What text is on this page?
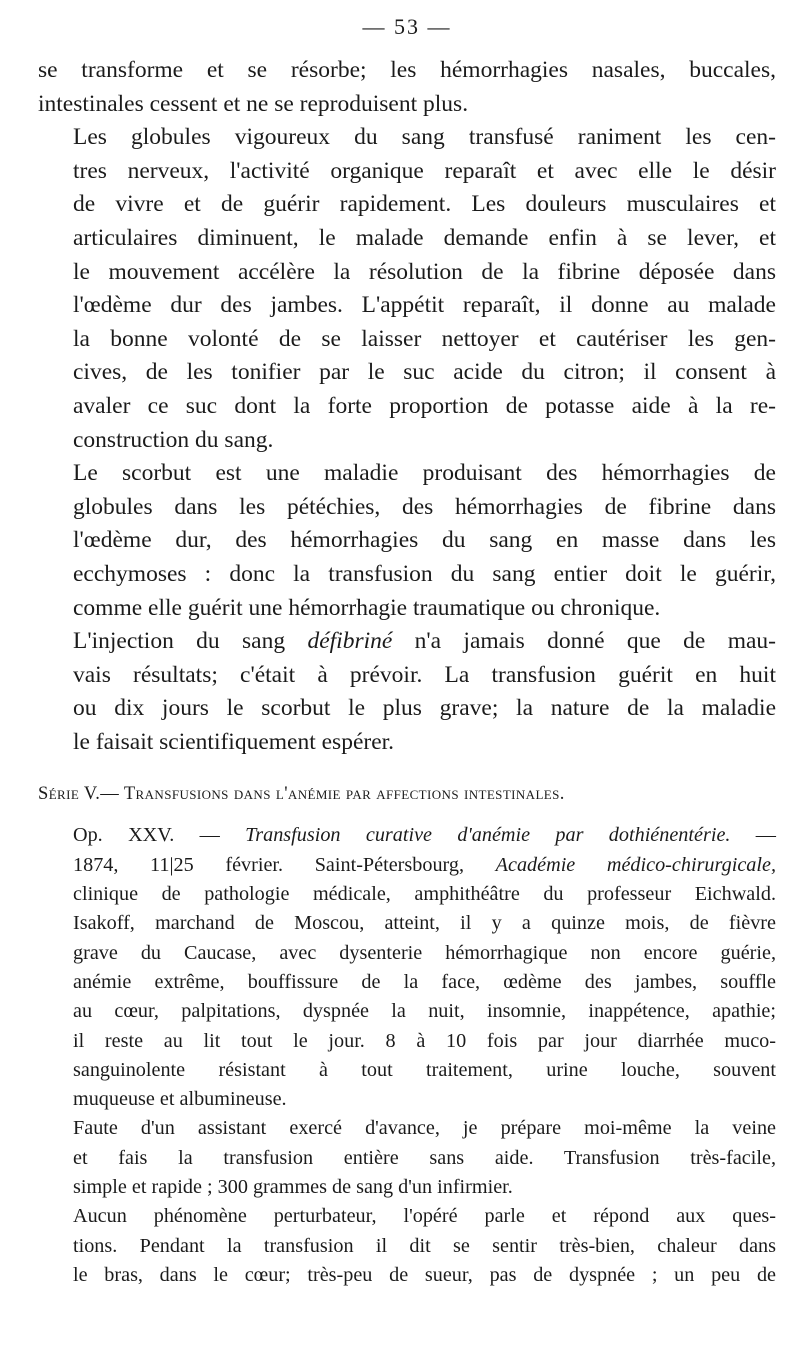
— 53 —

se transforme et se résorbe; les hémorrhagies nasales, buccales,
intestinales cessent et ne se reproduisent plus.

Les globules vigoureux du sang transfusé raniment les cen-
tres nerveux, l'activité organique reparaît et avec elle le désir
de vivre et de guérir rapidement. Les douleurs musculaires et
articulaires diminuent, le malade demande enfin à se lever, et
le mouvement accélère la résolution de la fibrine déposée dans
l'œdème dur des jambes. L'appétit reparaît, il donne au malade
la bonne volonté de se laisser nettoyer et cautériser les gen-
cives, de les tonifier par le suc acide du citron; il consent à
avaler ce suc dont la forte proportion de potasse aide à la re-
construction du sang.

Le scorbut est une maladie produisant des hémorrhagies de
globules dans les pétéchies, des hémorrhagies de fibrine dans
l'œdème dur, des hémorrhagies du sang en masse dans les
ecchymoses : donc la transfusion du sang entier doit le guérir,
comme elle guérit une hémorrhagie traumatique ou chronique.

L'injection du sang défibriné n'a jamais donné que de mau-
vais résultats; c'était à prévoir. La transfusion guérit en huit
ou dix jours le scorbut le plus grave; la nature de la maladie
le faisait scientifiquement espérer.

Série V.— Transfusions dans l'anémie par affections intestinales.

Op. XXV. — Transfusion curative d'anémie par dothiénentérie. —
1874, 11|25 février. Saint-Pétersbourg, Académie médico-chirurgicale,
clinique de pathologie médicale, amphithéâtre du professeur Eichwald.
Isakoff, marchand de Moscou, atteint, il y a quinze mois, de fièvre
grave du Caucase, avec dysenterie hémorrhagique non encore guérie,
anémie extrême, bouffissure de la face, œdème des jambes, souffle
au cœur, palpitations, dyspnée la nuit, insomnie, inappétence, apathie;
il reste au lit tout le jour. 8 à 10 fois par jour diarrhée muco-
sanguinolente résistant à tout traitement, urine louche, souvent
muqueuse et albumineuse.

Faute d'un assistant exercé d'avance, je prépare moi-même la veine
et fais la transfusion entière sans aide. Transfusion très-facile,
simple et rapide ; 300 grammes de sang d'un infirmier.

Aucun phénomène perturbateur, l'opéré parle et répond aux ques-
tions. Pendant la transfusion il dit se sentir très-bien, chaleur dans
le bras, dans le cœur; très-peu de sueur, pas de dyspnée ; un peu de
